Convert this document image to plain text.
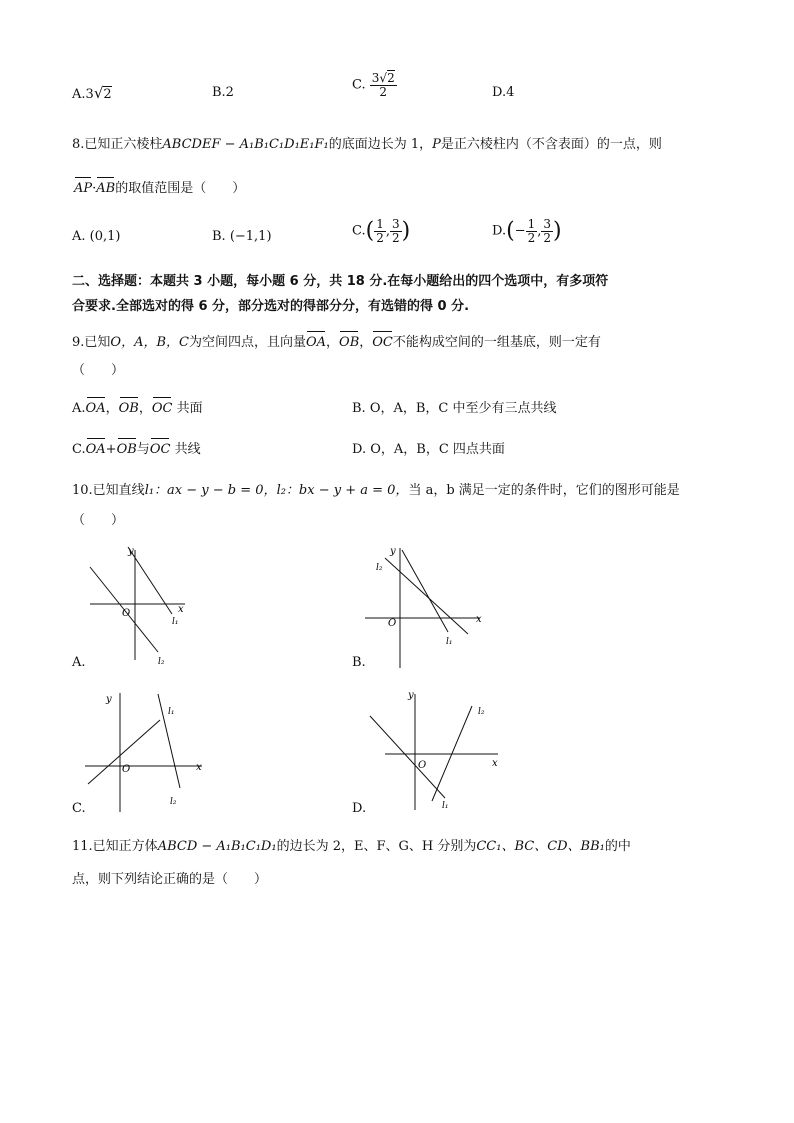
A.3√2	B.2	C. $\frac{3√2}{2}$	D.4
8.已知正六棱柱ABCDEF − A₁B₁C₁D₁E₁F₁的底面边长为 1，P是正六棱柱内（不含表面）的一点，则
AP·AB的取值范围是（　　）
A. (0,1)	B. (−1,1)	$C.( \frac{1}{2}$ , $\frac{3}{2}$ )	$D.(- \frac{1}{2}$ , $\frac{3}{2}$ )
二、选择题：本题共 3 小题，每小题 6 分，共 18 分.在每小题给出的四个选项中，有多项符
合要求.全部选对的得 6 分，部分选对的得部分分，有选错的得 0 分.
9.已知O，A，B，C为空间四点，且向量OA，OB，OC不能构成空间的一组基底，则一定有
（　　）
A.OA，OB，OC 共面	B. O，A，B，C 中至少有三点共线
C.OA+OB与OC 共线	D. O，A，B，C 四点共面
10.已知直线l₁：ax − y − b = 0，l₂：bx − y + a = 0，当 a，b 满足一定的条件时，它们的图形可能是
（　　）
y
x
O
l₁
l₂
A.
y
x
O
l₁
l₂
B.
y
x
O
l₁
l₂
C.
y
x
O
l₁
l₂
D.
11.已知正方体ABCD − A₁B₁C₁D₁的边长为 2，E、F、G、H 分别为CC₁、BC、CD、BB₁的中
点，则下列结论正确的是（　　）
